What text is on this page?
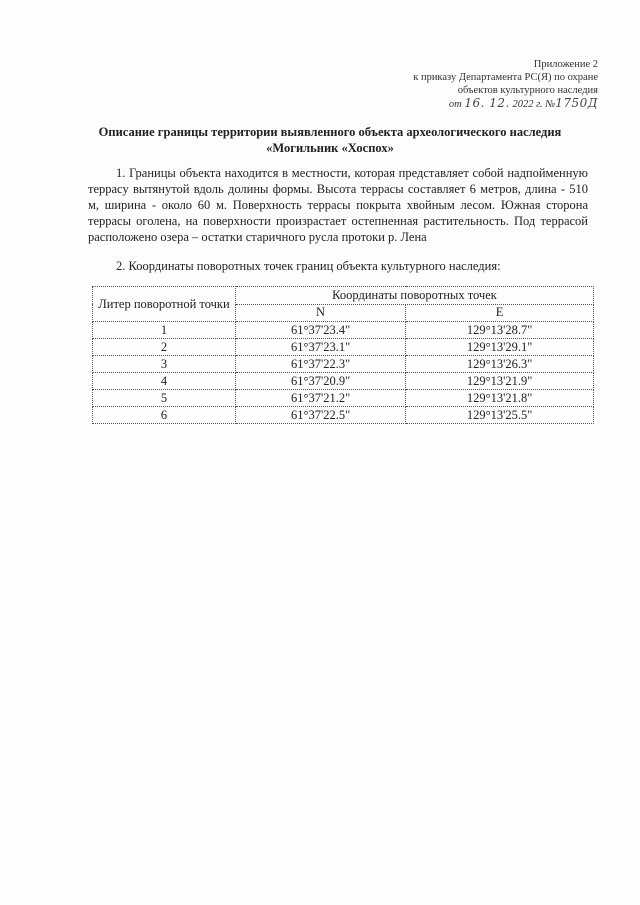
Приложение 2
к приказу Департамента РС(Я) по охране
объектов культурного наследия
от 16. 12. 2022 г. №1750Д
Описание границы территории выявленного объекта археологического наследия
«Могильник «Хоспох»
1. Границы объекта находится в местности, которая представляет собой надпойменную террасу вытянутой вдоль долины формы. Высота террасы составляет 6 метров, длина - 510 м, ширина - около 60 м. Поверхность террасы покрыта хвойным лесом. Южная сторона террасы оголена, на поверхности произрастает остепненная растительность. Под террасой расположено озера – остатки старичного русла протоки р. Лена
2. Координаты поворотных точек границ объекта культурного наследия:
Литер поворотной точки	Координаты поворотных точек	
	N	E
1	61°37'23.4"	129°13'28.7"
2	61°37'23.1"	129°13'29.1"
3	61°37'22.3"	129°13'26.3"
4	61°37'20.9"	129°13'21.9"
5	61°37'21.2"	129°13'21.8"
6	61°37'22.5"	129°13'25.5"
